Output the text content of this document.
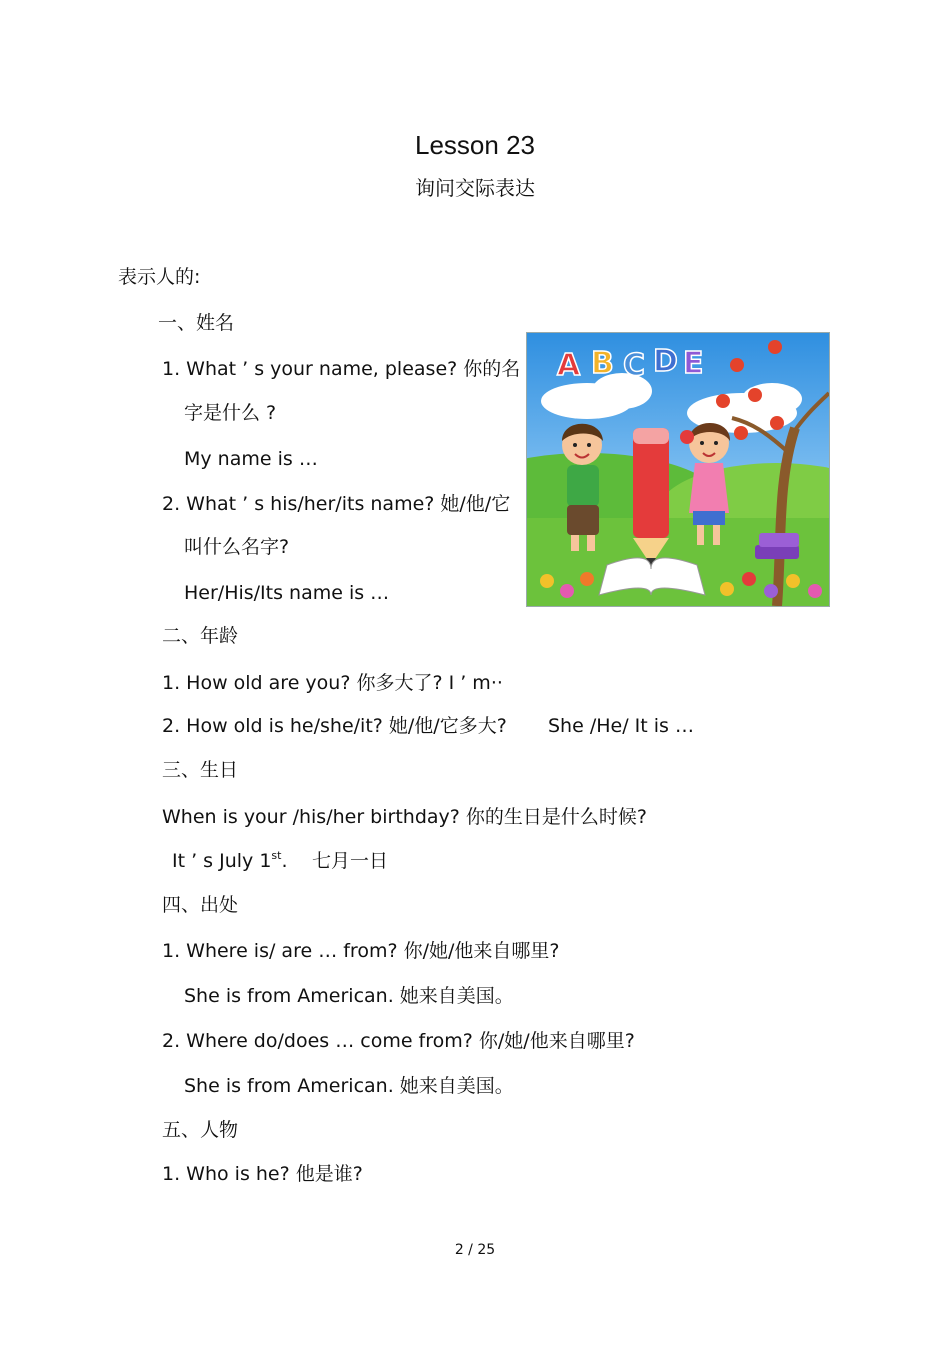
Lesson 23
询问交际表达
表示人的:
一、姓名
1. What ’ s your name, please? 你的名
字是什么 ?
My name is …
2. What ’ s his/her/its name? 她/他/它
叫什么名字?
Her/His/Its name is …
二、年龄
1. How old are you? 你多大了? I ’ m··
2. How old is he/she/it? 她/他/它多大? She /He/ It is …
三、生日
When is your /his/her birthday? 你的生日是什么时候?
It ’ s July 1st. 七月一日
四、出处
1. Where is/ are … from? 你/她/他来自哪里?
She is from American. 她来自美国。
2. Where do/does … come from? 你/她/他来自哪里?
She is from American. 她来自美国。
五、人物
1. Who is he? 他是谁?
A B C D E
2 / 25
